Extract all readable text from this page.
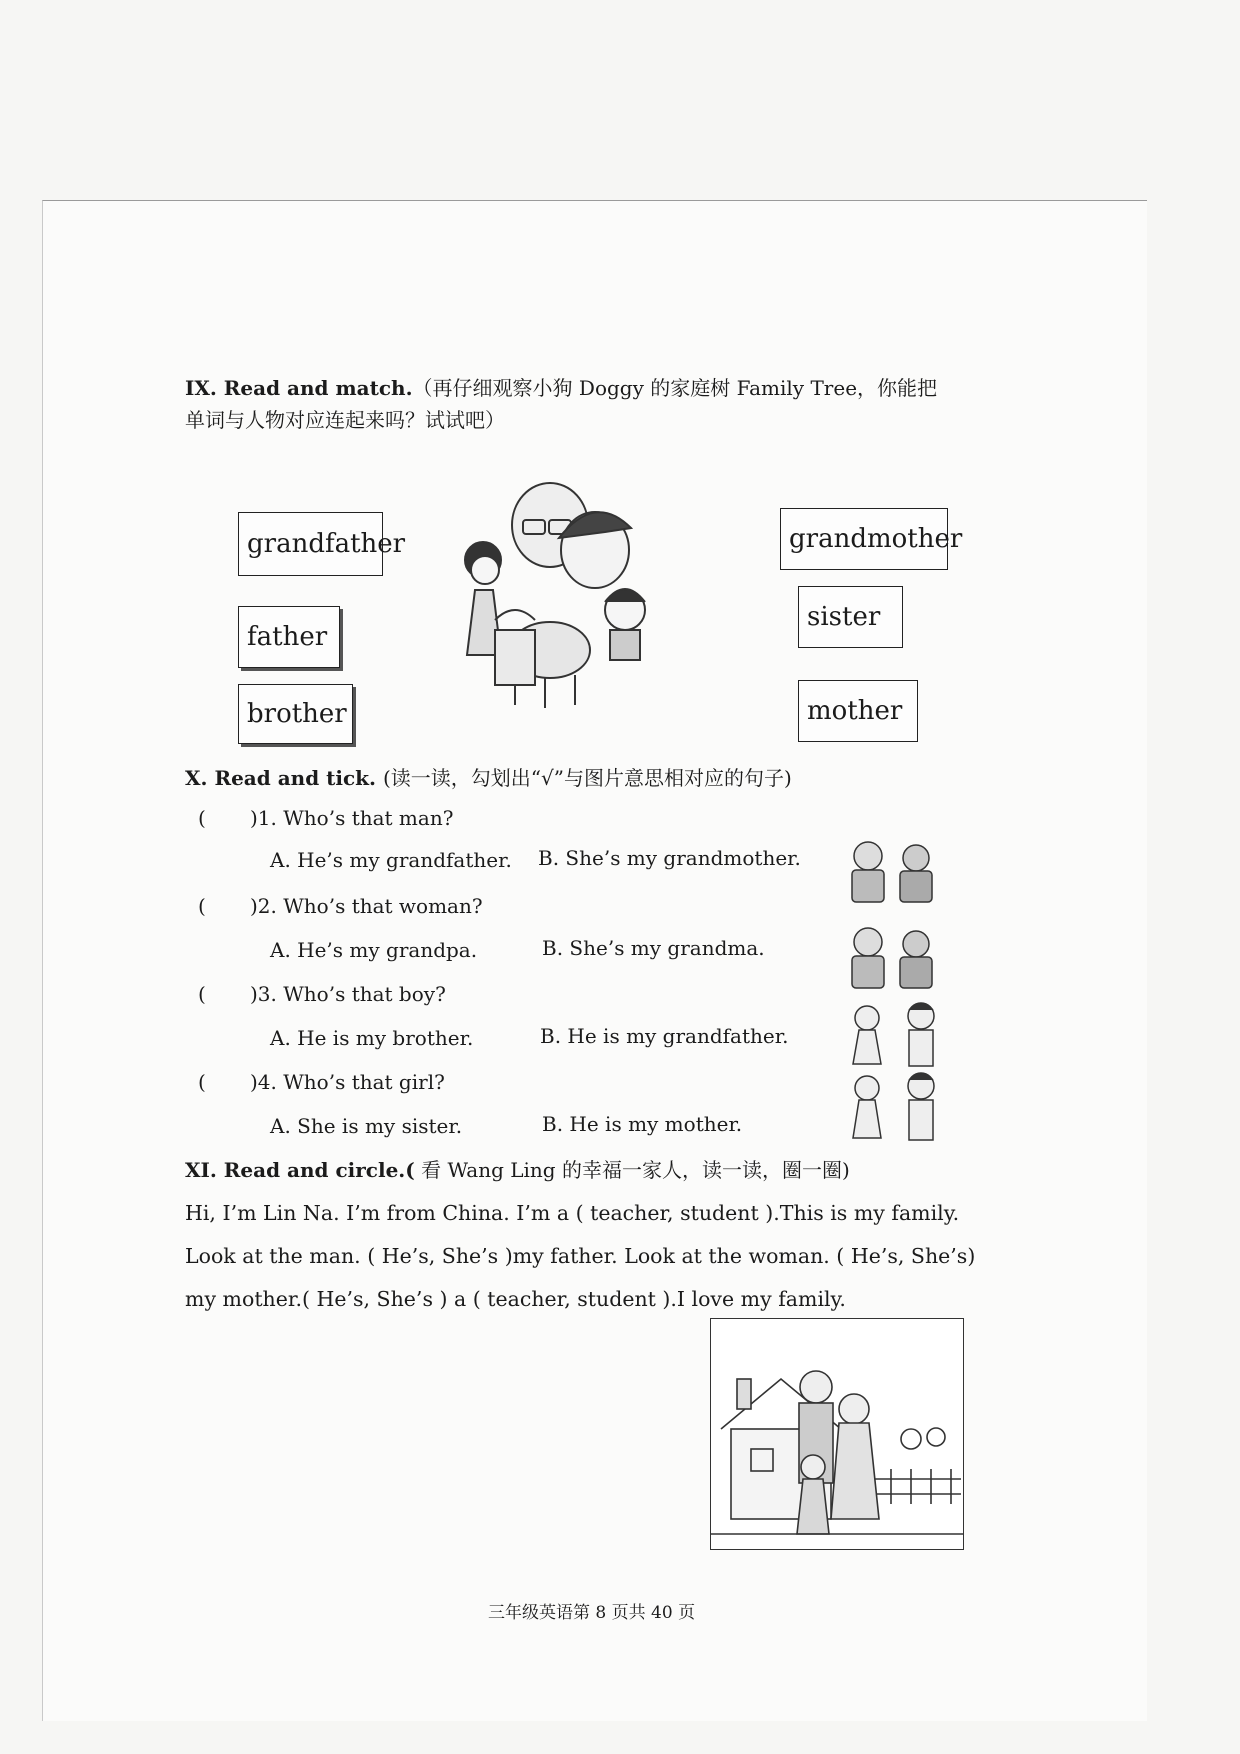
IX. Read and match.（再仔细观察小狗 Doggy 的家庭树 Family Tree，你能把
单词与人物对应连起来吗？试试吧）
grandfather
father
brother
grandmother
sister
mother
X. Read and tick. (读一读，勾划出“√”与图片意思相对应的句子)
( )1. Who’s that man?
A. He’s my grandfather. B. She’s my grandmother.
( )2. Who’s that woman?
A. He’s my grandpa.	B. She’s my grandma.
( )3. Who’s that boy?
A. He is my brother.	B. He is my grandfather.
( )4. Who’s that girl?
A. She is my sister.	B. He is my mother.
XI. Read and circle.( 看 Wang Ling 的幸福一家人，读一读，圈一圈)
Hi, I’m Lin Na. I’m from China. I’m a ( teacher, student ).This is my family.
Look at the man. ( He’s, She’s )my father. Look at the woman. ( He’s, She’s)
my mother.( He’s, She’s ) a ( teacher, student ).I love my family.
三年级英语第 8 页共 40 页
